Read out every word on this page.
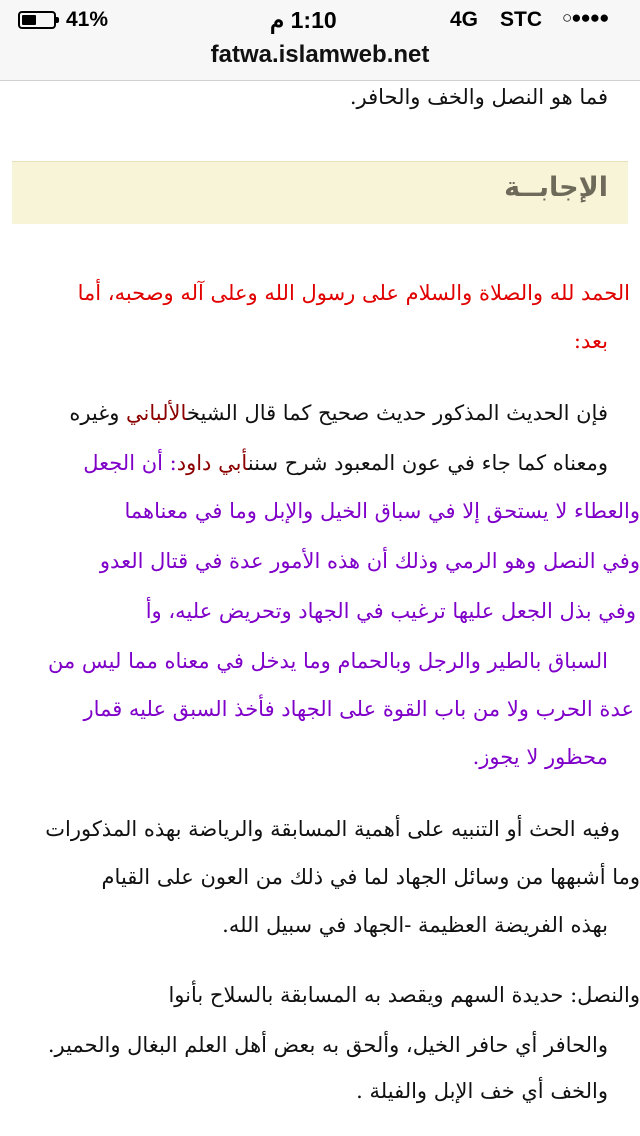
41%	1:10 م	4G STC ○●●●●
fatwa.islamweb.net
فما هو النصل والخف والحافر.
الإجابــة
الحمد لله والصلاة والسلام على رسول الله وعلى آله وصحبه، أما
بعد:
فإن الحديث المذكور حديث صحيح كما قال الشيخالألباني وغيره
ومعناه كما جاء في عون المعبود شرح سننأبي داود: أن الجعل
والعطاء لا يستحق إلا في سباق الخيل والإبل وما في معناهما
وفي النصل وهو الرمي وذلك أن هذه الأمور عدة في قتال العدو
وفي بذل الجعل عليها ترغيب في الجهاد وتحريض عليه، وأ
السباق بالطير والرجل وبالحمام وما يدخل في معناه مما ليس من
عدة الحرب ولا من باب القوة على الجهاد فأخذ السبق عليه قمار
محظور لا يجوز.
وفيه الحث أو التنبيه على أهمية المسابقة والرياضة بهذه المذكورات
وما أشبهها من وسائل الجهاد لما في ذلك من العون على القيام
بهذه الفريضة العظيمة -الجهاد في سبيل الله.
والنصل: حديدة السهم ويقصد به المسابقة بالسلاح بأنوا
والحافر أي حافر الخيل، وألحق به بعض أهل العلم البغال والحمير.
والخف أي خف الإبل والفيلة .
